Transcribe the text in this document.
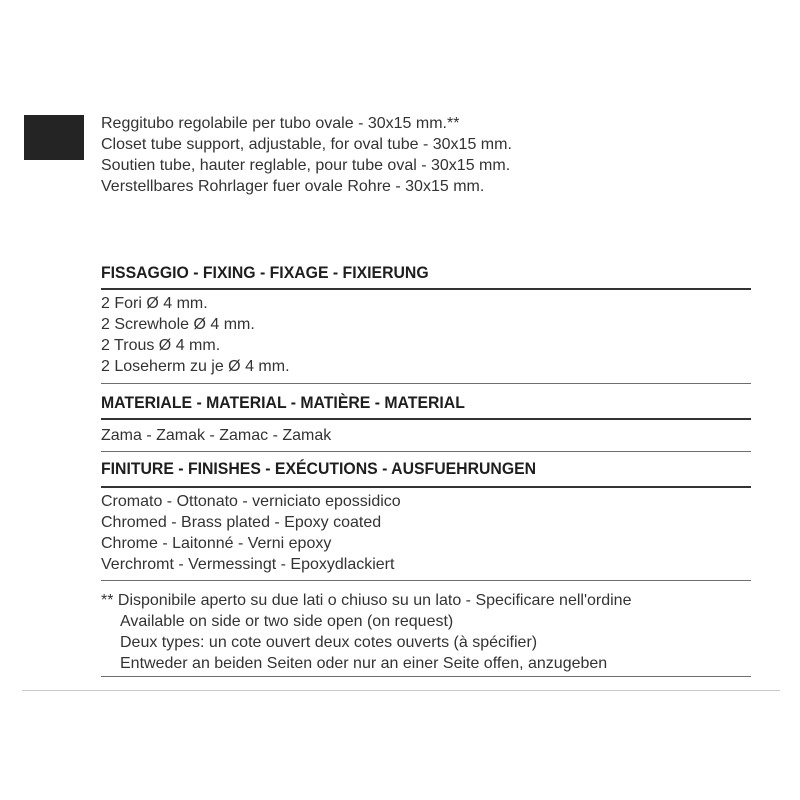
Reggitubo regolabile per tubo ovale - 30x15 mm.**
Closet tube support, adjustable, for oval tube - 30x15 mm.
Soutien tube, hauter reglable, pour tube oval - 30x15 mm.
Verstellbares Rohrlager fuer ovale Rohre - 30x15 mm.
FISSAGGIO - FIXING - FIXAGE - FIXIERUNG
2 Fori Ø 4 mm.
2 Screwhole Ø 4 mm.
2 Trous Ø 4 mm.
2 Loseherm zu je Ø 4 mm.
MATERIALE - MATERIAL - MATIÈRE - MATERIAL
Zama - Zamak - Zamac - Zamak
FINITURE - FINISHES - EXÉCUTIONS - AUSFUEHRUNGEN
Cromato - Ottonato - verniciato epossidico
Chromed - Brass plated - Epoxy coated
Chrome - Laitonné - Verni epoxy
Verchromt - Vermessingt - Epoxydlackiert
** Disponibile aperto su due lati o chiuso su un lato - Specificare nell'ordine
Available on side or two side open (on request)
Deux types: un cote ouvert deux cotes ouverts (à spécifier)
Entweder an beiden Seiten oder nur an einer Seite offen, anzugeben
